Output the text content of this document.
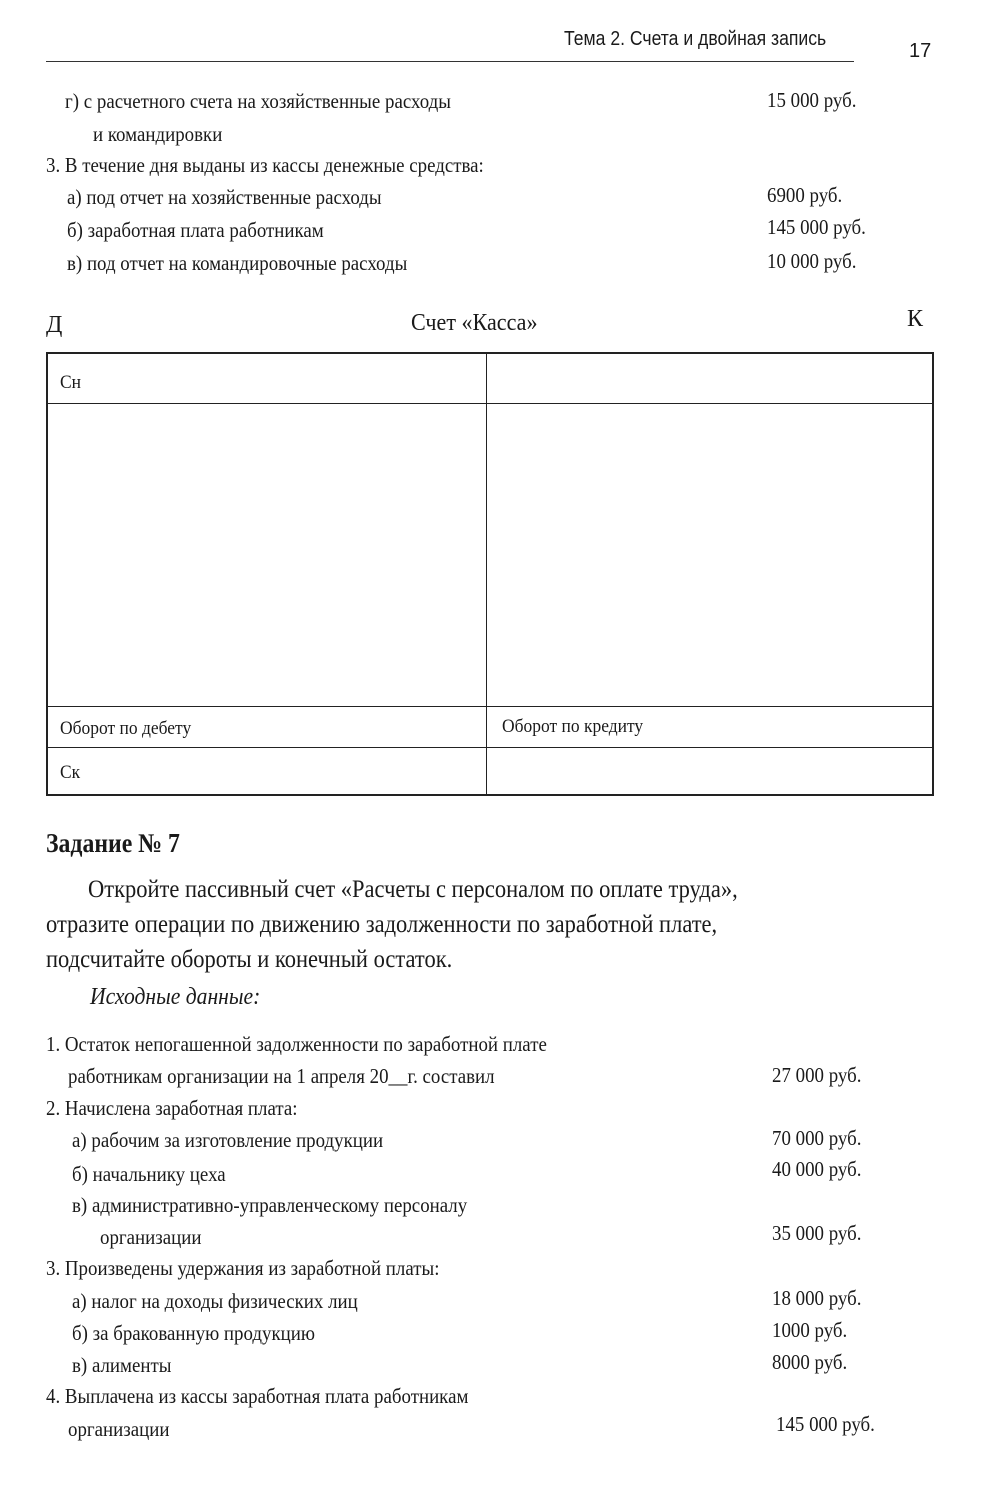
Тема 2. Счета и двойная запись
17
г) с расчетного счета на хозяйственные расходы	15 000 руб.
и командировки
3. В течение дня выданы из кассы денежные средства:
а) под отчет на хозяйственные расходы	6900 руб.
б) заработная плата работникам	145 000 руб.
в) под отчет на командировочные расходы	10 000 руб.
Д	Счет «Касса»	К
Сн
Оборот по дебету	Оборот по кредиту
Ск
Задание № 7
Откройте пассивный счет «Расчеты с персоналом по оплате труда»,
отразите операции по движению задолженности по заработной плате,
подсчитайте обороты и конечный остаток.
Исходные данные:
1. Остаток непогашенной задолженности по заработной плате
работникам организации на 1 апреля 20__г. составил	27 000 руб.
2. Начислена заработная плата:
а) рабочим за изготовление продукции	70 000 руб.
б) начальнику цеха	40 000 руб.
в) административно-управленческому персоналу
организации	35 000 руб.
3. Произведены удержания из заработной платы:
а) налог на доходы физических лиц	18 000 руб.
б) за бракованную продукцию	1000 руб.
в) алименты	8000 руб.
4. Выплачена из кассы заработная плата работникам
организации	145 000 руб.
